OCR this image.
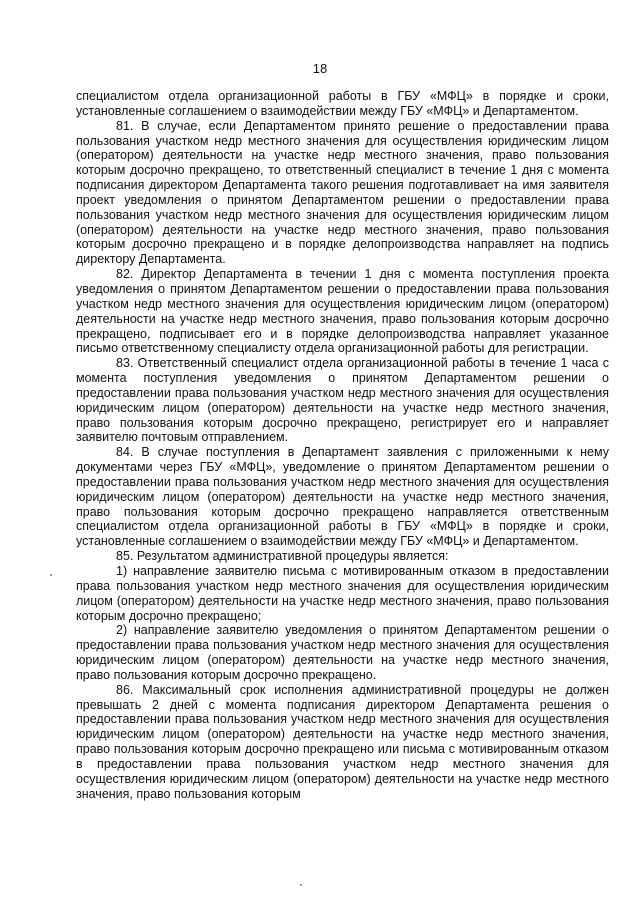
18

специалистом отдела организационной работы в ГБУ «МФЦ» в порядке и сроки, установленные соглашением о взаимодействии между ГБУ «МФЦ» и Департаментом.

81. В случае, если Департаментом принято решение о предоставлении права пользования участком недр местного значения для осуществления юридическим лицом (оператором) деятельности на участке недр местного значения, право пользования которым досрочно прекращено, то ответственный специалист в течение 1 дня с момента подписания директором Департамента такого решения подготавливает на имя заявителя проект уведомления о принятом Департаментом решении о предоставлении права пользования участком недр местного значения для осуществления юридическим лицом (оператором) деятельности на участке недр местного значения, право пользования которым досрочно прекращено и в порядке делопроизводства направляет на подпись директору Департамента.

82. Директор Департамента в течении 1 дня с момента поступления проекта уведомления о принятом Департаментом решении о предоставлении права пользования участком недр местного значения для осуществления юридическим лицом (оператором) деятельности на участке недр местного значения, право пользования которым досрочно прекращено, подписывает его и в порядке делопроизводства направляет указанное письмо ответственному специалисту отдела организационной работы для регистрации.

83. Ответственный специалист отдела организационной работы в течение 1 часа с момента поступления уведомления о принятом Департаментом решении о предоставлении права пользования участком недр местного значения для осуществления юридическим лицом (оператором) деятельности на участке недр местного значения, право пользования которым досрочно прекращено, регистрирует его и направляет заявителю почтовым отправлением.

84. В случае поступления в Департамент заявления с приложенными к нему документами через ГБУ «МФЦ», уведомление о принятом Департаментом решении о предоставлении права пользования участком недр местного значения для осуществления юридическим лицом (оператором) деятельности на участке недр местного значения, право пользования которым досрочно прекращено направляется ответственным специалистом отдела организационной работы в ГБУ «МФЦ» в порядке и сроки, установленные соглашением о взаимодействии между ГБУ «МФЦ» и Департаментом.

85. Результатом административной процедуры является:

1) направление заявителю письма с мотивированным отказом в предоставлении права пользования участком недр местного значения для осуществления юридическим лицом (оператором) деятельности на участке недр местного значения, право пользования которым досрочно прекращено;

2) направление заявителю уведомления о принятом Департаментом решении о предоставлении права пользования участком недр местного значения для осуществления юридическим лицом (оператором) деятельности на участке недр местного значения, право пользования которым досрочно прекращено.

86. Максимальный срок исполнения административной процедуры не должен превышать 2 дней с момента подписания директором Департамента решения о предоставлении права пользования участком недр местного значения для осуществления юридическим лицом (оператором) деятельности на участке недр местного значения, право пользования которым досрочно прекращено или письма с мотивированным отказом в предоставлении права пользования участком недр местного значения для осуществления юридическим лицом (оператором) деятельности на участке недр местного значения, право пользования которым
